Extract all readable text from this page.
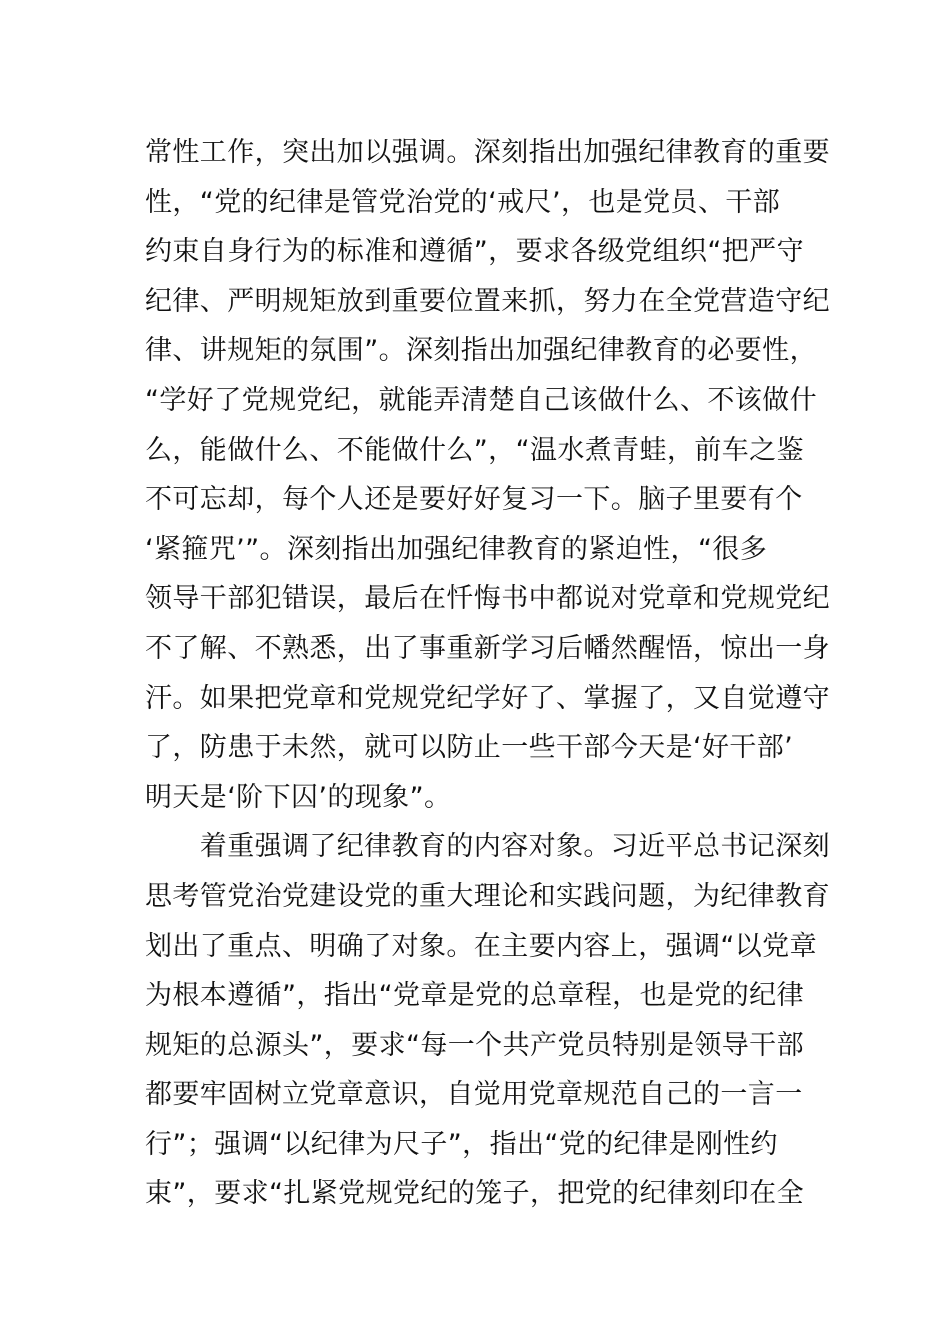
常性工作，突出加以强调。深刻指出加强纪律教育的重要
性，“党的纪律是管党治党的‘戒尺’，也是党员、干部
约束自身行为的标准和遵循”，要求各级党组织“把严守
纪律、严明规矩放到重要位置来抓，努力在全党营造守纪
律、讲规矩的氛围”。深刻指出加强纪律教育的必要性，
“学好了党规党纪，就能弄清楚自己该做什么、不该做什
么，能做什么、不能做什么”，“温水煮青蛙，前车之鉴
不可忘却，每个人还是要好好复习一下。脑子里要有个
‘紧箍咒’”。深刻指出加强纪律教育的紧迫性，“很多
领导干部犯错误，最后在忏悔书中都说对党章和党规党纪
不了解、不熟悉，出了事重新学习后幡然醒悟，惊出一身
汗。如果把党章和党规党纪学好了、掌握了，又自觉遵守
了，防患于未然，就可以防止一些干部今天是‘好干部’
明天是‘阶下囚’的现象”。
　　着重强调了纪律教育的内容对象。习近平总书记深刻
思考管党治党建设党的重大理论和实践问题，为纪律教育
划出了重点、明确了对象。在主要内容上，强调“以党章
为根本遵循”，指出“党章是党的总章程，也是党的纪律
规矩的总源头”，要求“每一个共产党员特别是领导干部
都要牢固树立党章意识，自觉用党章规范自己的一言一
行”；强调“以纪律为尺子”，指出“党的纪律是刚性约
束”，要求“扎紧党规党纪的笼子，把党的纪律刻印在全
